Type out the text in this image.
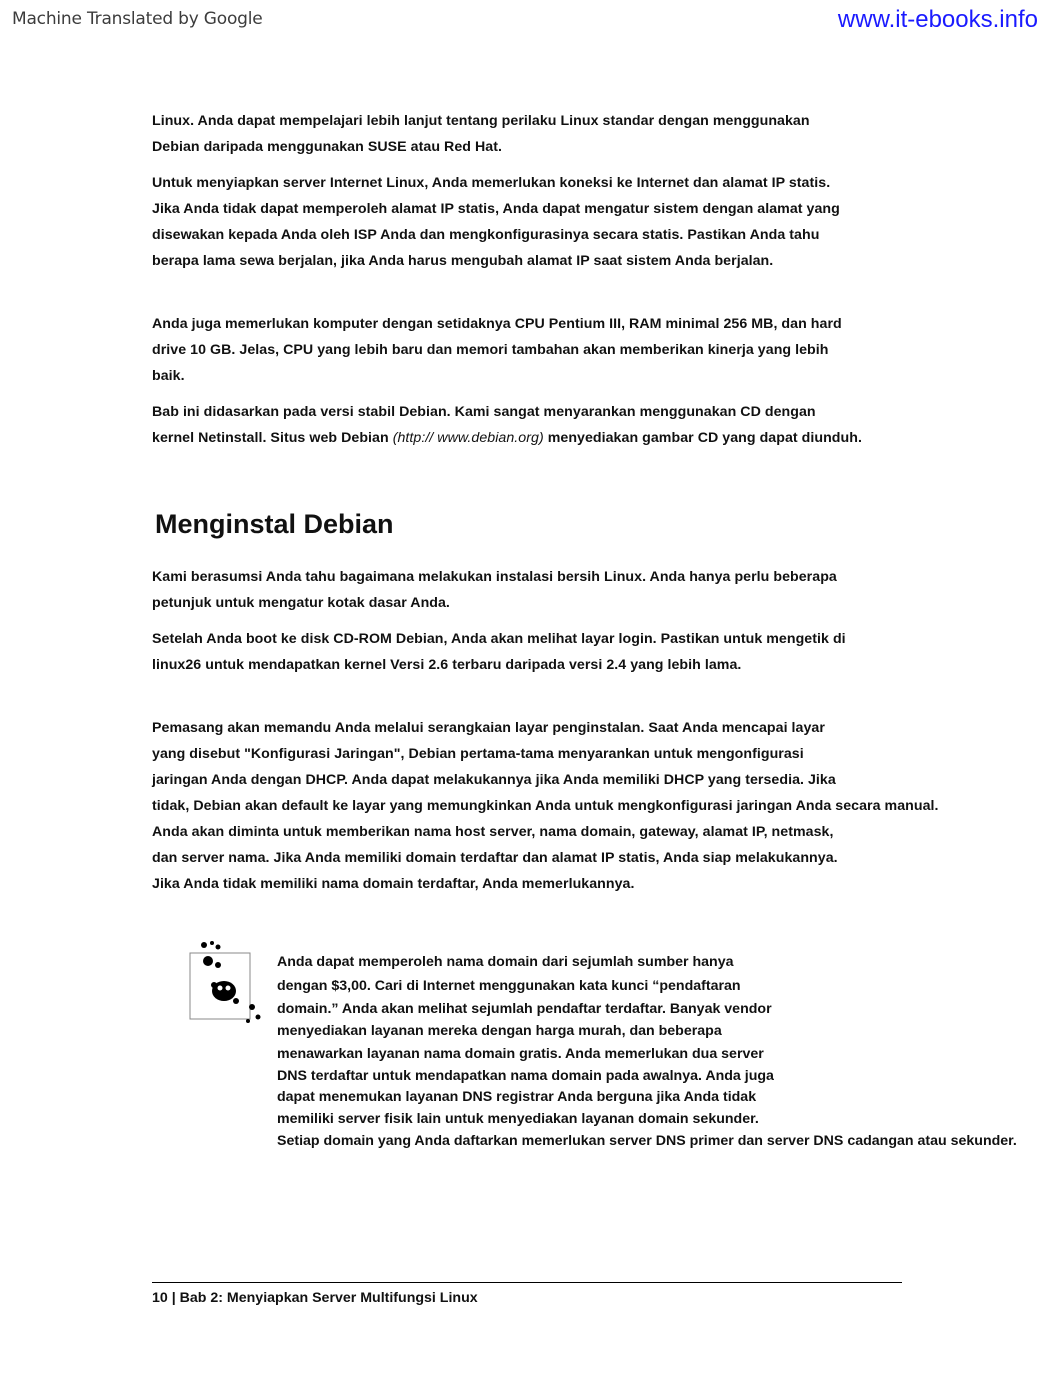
Machine Translated by Google	www.it-ebooks.info
Linux. Anda dapat mempelajari lebih lanjut tentang perilaku Linux standar dengan menggunakan
Debian daripada menggunakan SUSE atau Red Hat.
Untuk menyiapkan server Internet Linux, Anda memerlukan koneksi ke Internet dan alamat IP statis.
Jika Anda tidak dapat memperoleh alamat IP statis, Anda dapat mengatur sistem dengan alamat yang
disewakan kepada Anda oleh ISP Anda dan mengkonfigurasinya secara statis. Pastikan Anda tahu
berapa lama sewa berjalan, jika Anda harus mengubah alamat IP saat sistem Anda berjalan.
Anda juga memerlukan komputer dengan setidaknya CPU Pentium III, RAM minimal 256 MB, dan hard
drive 10 GB. Jelas, CPU yang lebih baru dan memori tambahan akan memberikan kinerja yang lebih
baik.
Bab ini didasarkan pada versi stabil Debian. Kami sangat menyarankan menggunakan CD dengan
kernel Netinstall. Situs web Debian (http:// www.debian.org) menyediakan gambar CD yang dapat diunduh.
Menginstal Debian
Kami berasumsi Anda tahu bagaimana melakukan instalasi bersih Linux. Anda hanya perlu beberapa
petunjuk untuk mengatur kotak dasar Anda.
Setelah Anda boot ke disk CD-ROM Debian, Anda akan melihat layar login. Pastikan untuk mengetik di
linux26 untuk mendapatkan kernel Versi 2.6 terbaru daripada versi 2.4 yang lebih lama.
Pemasang akan memandu Anda melalui serangkaian layar penginstalan. Saat Anda mencapai layar
yang disebut "Konfigurasi Jaringan", Debian pertama-tama menyarankan untuk mengonfigurasi
jaringan Anda dengan DHCP. Anda dapat melakukannya jika Anda memiliki DHCP yang tersedia. Jika
tidak, Debian akan default ke layar yang memungkinkan Anda untuk mengkonfigurasi jaringan Anda secara manual.
Anda akan diminta untuk memberikan nama host server, nama domain, gateway, alamat IP, netmask,
dan server nama. Jika Anda memiliki domain terdaftar dan alamat IP statis, Anda siap melakukannya.
Jika Anda tidak memiliki nama domain terdaftar, Anda memerlukannya.
Anda dapat memperoleh nama domain dari sejumlah sumber hanya
dengan $3,00. Cari di Internet menggunakan kata kunci “pendaftaran
domain.” Anda akan melihat sejumlah pendaftar terdaftar. Banyak vendor
menyediakan layanan mereka dengan harga murah, dan beberapa
menawarkan layanan nama domain gratis. Anda memerlukan dua server
DNS terdaftar untuk mendapatkan nama domain pada awalnya. Anda juga
dapat menemukan layanan DNS registrar Anda berguna jika Anda tidak
memiliki server fisik lain untuk menyediakan layanan domain sekunder.
Setiap domain yang Anda daftarkan memerlukan server DNS primer dan server DNS cadangan atau sekunder.
10 | Bab 2: Menyiapkan Server Multifungsi Linux
